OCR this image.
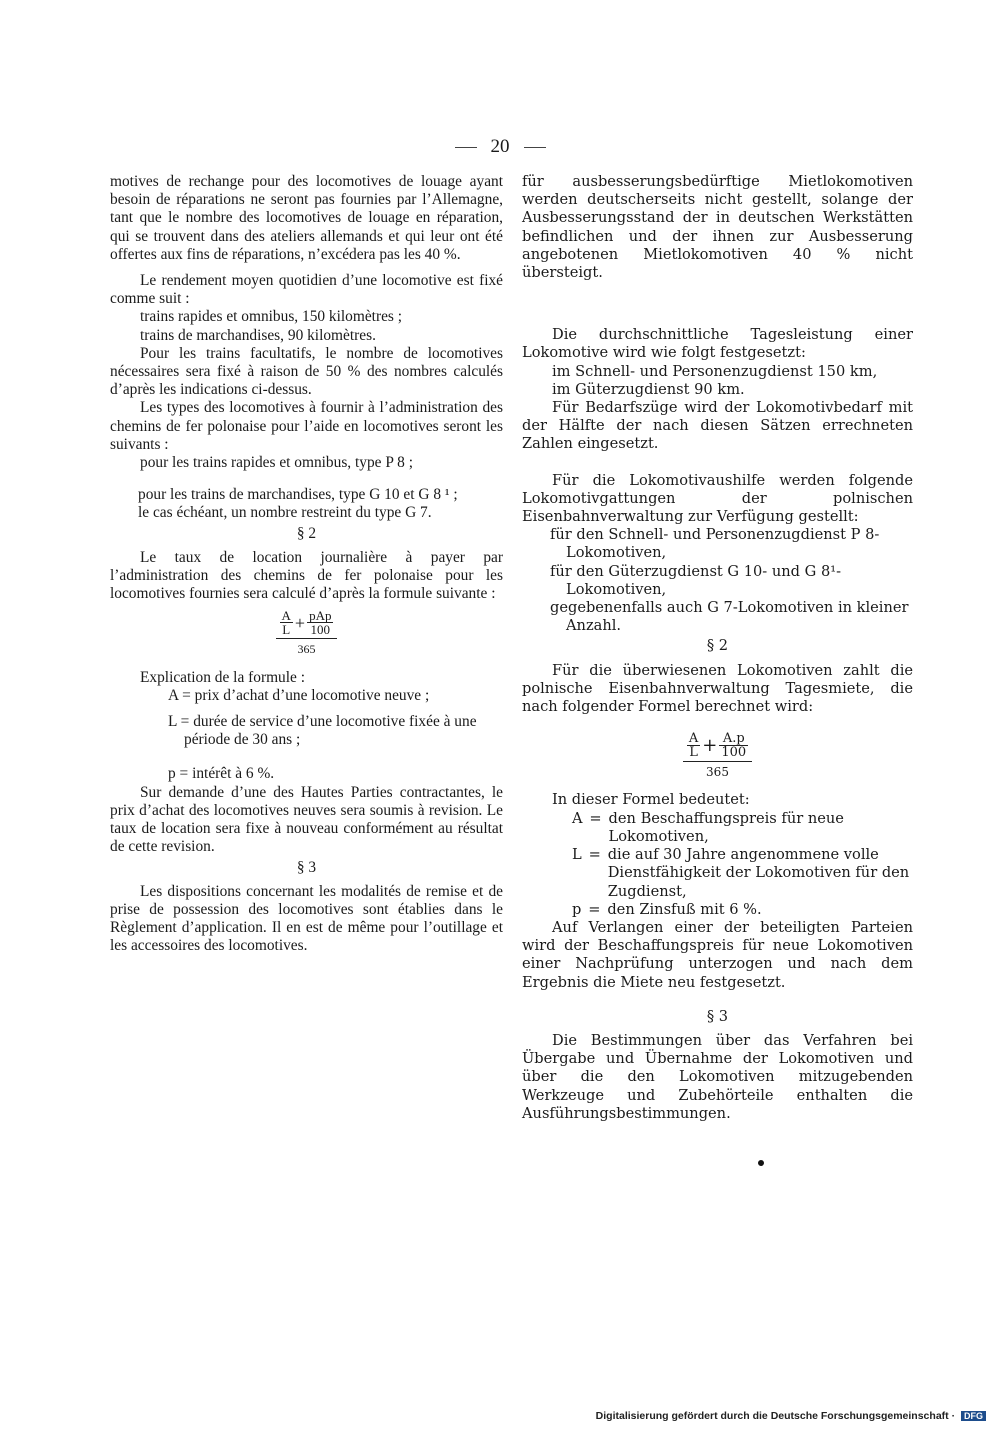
20

motives de rechange pour des locomotives de louage ayant besoin de réparations ne seront pas fournies par l’Allemagne, tant que le nombre des locomotives de louage en réparation, qui se trouvent dans des ateliers allemands et qui leur ont été offertes aux fins de réparations, n’excédera pas les 40 %.

Le rendement moyen quotidien d’une locomotive est fixé comme suit :

trains rapides et omnibus, 150 kilomètres ;

trains de marchandises, 90 kilomètres.

Pour les trains facultatifs, le nombre de locomotives nécessaires sera fixé à raison de 50 % des nombres calculés d’après les indications ci-dessus.

Les types des locomotives à fournir à l’administration des chemins de fer polonaise pour l’aide en locomotives seront les suivants :

pour les trains rapides et omnibus, type P 8 ;

pour les trains de marchandises, type G 10 et G 8 ¹ ;

le cas échéant, un nombre restreint du type G 7.

§ 2

Le taux de location journalière à payer par l’administration des chemins de fer polonaise pour les locomotives fournies sera calculé d’après la formule suivante :

$\frac{A}{L} + \frac{\text{pAp}}{100}$
365

Explication de la formule :

A = prix d’achat d’une locomotive neuve ;

L = durée de service d’une locomotive fixée à une période de 30 ans ;

p = intérêt à 6 %.

Sur demande d’une des Hautes Parties contractantes, le prix d’achat des locomotives neuves sera soumis à revision. Le taux de location sera fixe à nouveau conformément au résultat de cette revision.

§ 3

Les dispositions concernant les modalités de remise et de prise de possession des locomotives sont établies dans le Règlement d’application. Il en est de même pour l’outillage et les accessoires des locomotives.

für ausbesserungsbedürftige Mietlokomotiven werden deutscherseits nicht gestellt, solange der Ausbesserungsstand der in deutschen Werkstätten befindlichen und der ihnen zur Ausbesserung angebotenen Mietlokomotiven 40 % nicht übersteigt.

Die durchschnittliche Tagesleistung einer Lokomotive wird wie folgt festgesetzt:

im Schnell- und Personenzugdienst 150 km,

im Güterzugdienst 90 km.

Für Bedarfszüge wird der Lokomotivbedarf mit der Hälfte der nach diesen Sätzen errechneten Zahlen eingesetzt.

Für die Lokomotivaushilfe werden folgende Lokomotivgattungen der polnischen Eisenbahnverwaltung zur Verfügung gestellt:

für den Schnell- und Personenzugdienst P 8-Lokomotiven,

für den Güterzugdienst G 10- und G 8¹-Lokomotiven,

gegebenenfalls auch G 7-Lokomotiven in kleiner Anzahl.

§ 2

Für die überwiesenen Lokomotiven zahlt die polnische Eisenbahnverwaltung Tagesmiete, die nach folgender Formel berechnet wird:

$\frac{A}{L} + \frac{A.p}{100}$
365

In dieser Formel bedeutet:

A = den Beschaffungspreis für neue Lokomotiven,
L = die auf 30 Jahre angenommene volle Dienstfähigkeit der Lokomotiven für den Zugdienst,
p = den Zinsfuß mit 6 %.

Auf Verlangen einer der beteiligten Parteien wird der Beschaffungspreis für neue Lokomotiven einer Nachprüfung unterzogen und nach dem Ergebnis die Miete neu festgesetzt.

§ 3

Die Bestimmungen über das Verfahren bei Übergabe und Übernahme der Lokomotiven und über die den Lokomotiven mitzugebenden Werkzeuge und Zubehörteile enthalten die Ausführungsbestimmungen.

Digitalisierung gefördert durch die Deutsche Forschungsgemeinschaft · DFG
